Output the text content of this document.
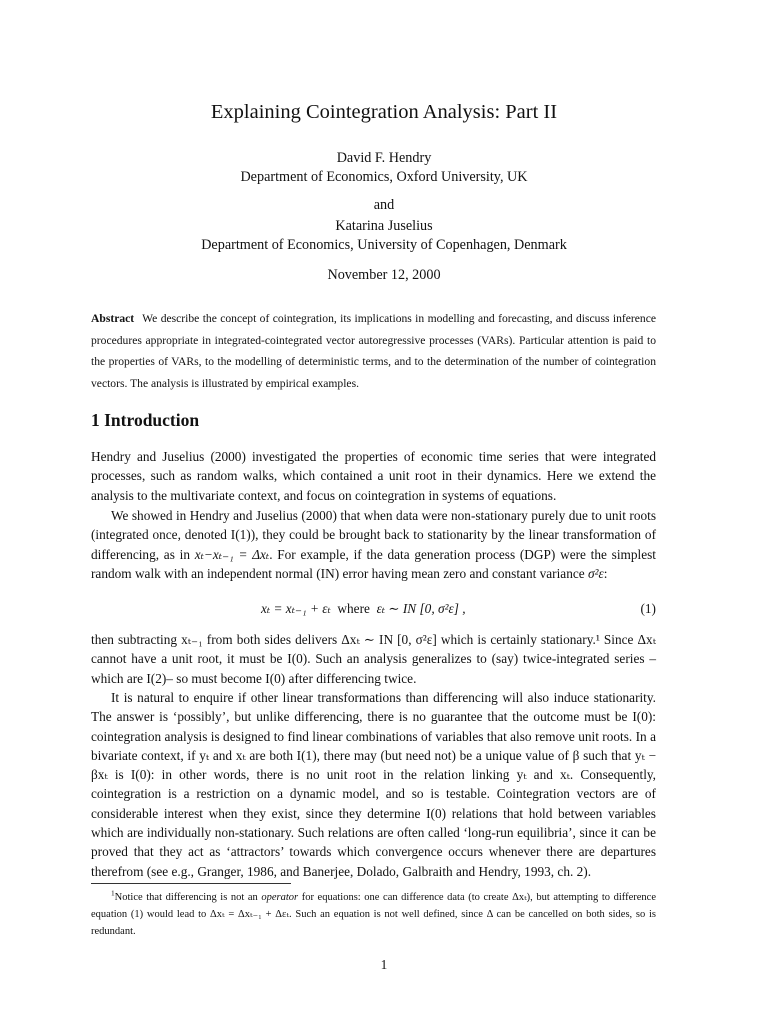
Explaining Cointegration Analysis: Part II
David F. Hendry
Department of Economics, Oxford University, UK
and
Katarina Juselius
Department of Economics, University of Copenhagen, Denmark
November 12, 2000
Abstract We describe the concept of cointegration, its implications in modelling and forecasting, and discuss inference procedures appropriate in integrated-cointegrated vector autoregressive processes (VARs). Particular attention is paid to the properties of VARs, to the modelling of deterministic terms, and to the determination of the number of cointegration vectors. The analysis is illustrated by empirical examples.
1 Introduction

Hendry and Juselius (2000) investigated the properties of economic time series that were integrated processes, such as random walks, which contained a unit root in their dynamics. Here we extend the analysis to the multivariate context, and focus on cointegration in systems of equations.

We showed in Hendry and Juselius (2000) that when data were non-stationary purely due to unit roots (integrated once, denoted I(1)), they could be brought back to stationarity by the linear transformation of differencing, as in xₜ−xₜ₋₁ = Δxₜ. For example, if the data generation process (DGP) were the simplest random walk with an independent normal (IN) error having mean zero and constant variance σ²ε:

xₜ = xₜ₋₁ + εₜ where εₜ ∼ IN [0, σ²ε] ,	(1)

then subtracting xₜ₋₁ from both sides delivers Δxₜ ∼ IN [0, σ²ε] which is certainly stationary.¹ Since Δxₜ cannot have a unit root, it must be I(0). Such an analysis generalizes to (say) twice-integrated series – which are I(2)– so must become I(0) after differencing twice.

It is natural to enquire if other linear transformations than differencing will also induce stationarity. The answer is ‘possibly’, but unlike differencing, there is no guarantee that the outcome must be I(0): cointegration analysis is designed to find linear combinations of variables that also remove unit roots. In a bivariate context, if yₜ and xₜ are both I(1), there may (but need not) be a unique value of β such that yₜ − βxₜ is I(0): in other words, there is no unit root in the relation linking yₜ and xₜ. Consequently, cointegration is a restriction on a dynamic model, and so is testable. Cointegration vectors are of considerable interest when they exist, since they determine I(0) relations that hold between variables which are individually non-stationary. Such relations are often called ‘long-run equilibria’, since it can be proved that they act as ‘attractors’ towards which convergence occurs whenever there are departures therefrom (see e.g., Granger, 1986, and Banerjee, Dolado, Galbraith and Hendry, 1993, ch. 2).

$^1$Notice that differencing is not an operator for equations: one can difference data (to create Δxₜ), but attempting to difference equation (1) would lead to Δxₜ = Δxₜ₋₁ + Δεₜ. Such an equation is not well defined, since Δ can be cancelled on both sides, so is redundant.

1
